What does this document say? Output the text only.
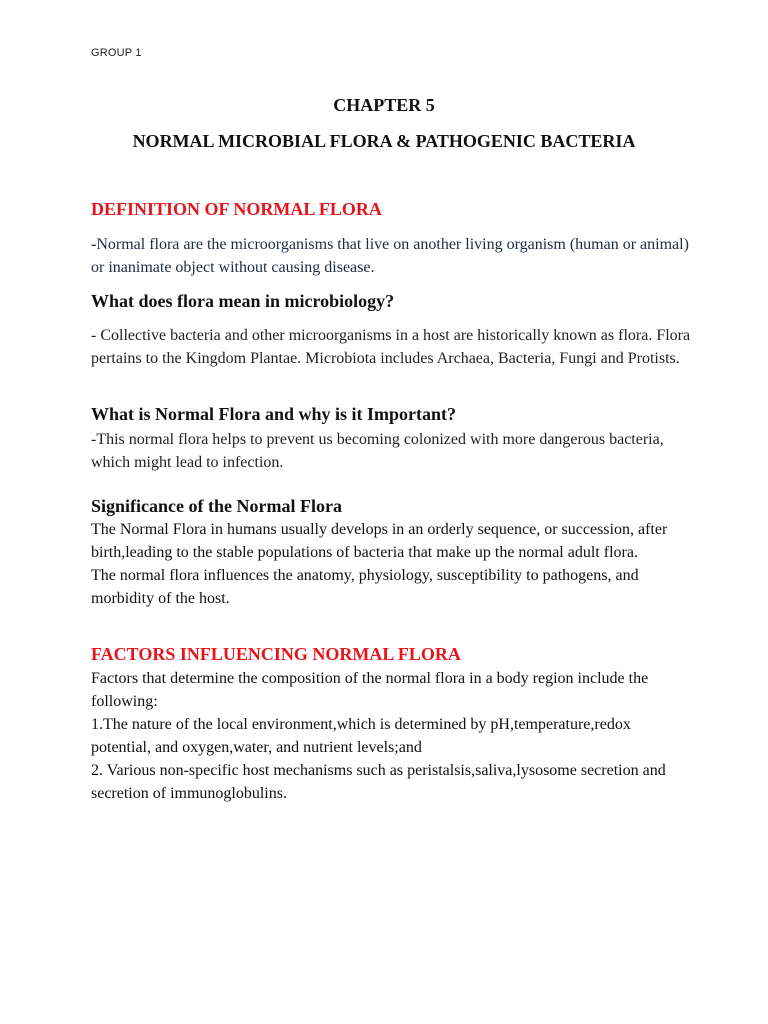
GROUP 1
CHAPTER 5
NORMAL MICROBIAL FLORA & PATHOGENIC BACTERIA
DEFINITION OF NORMAL FLORA

-Normal flora are the microorganisms that live on another living organism (human or animal) or inanimate object without causing disease.

What does flora mean in microbiology?

- Collective bacteria and other microorganisms in a host are historically known as flora. Flora pertains to the Kingdom Plantae. Microbiota includes Archaea, Bacteria, Fungi and Protists.

What is Normal Flora and why is it Important?

-This normal flora helps to prevent us becoming colonized with more dangerous bacteria, which might lead to infection.

Significance of the Normal Flora

The Normal Flora in humans usually develops in an orderly sequence, or succession, after birth,leading to the stable populations of bacteria that make up the normal adult flora.

The normal flora influences the anatomy, physiology, susceptibility to pathogens, and morbidity of the host.

FACTORS INFLUENCING NORMAL FLORA

Factors that determine the composition of the normal flora in a body region include the following:

1.The nature of the local environment,which is determined by pH,temperature,redox potential, and oxygen,water, and nutrient levels;and

2. Various non-specific host mechanisms such as peristalsis,saliva,lysosome secretion and secretion of immunoglobulins.
